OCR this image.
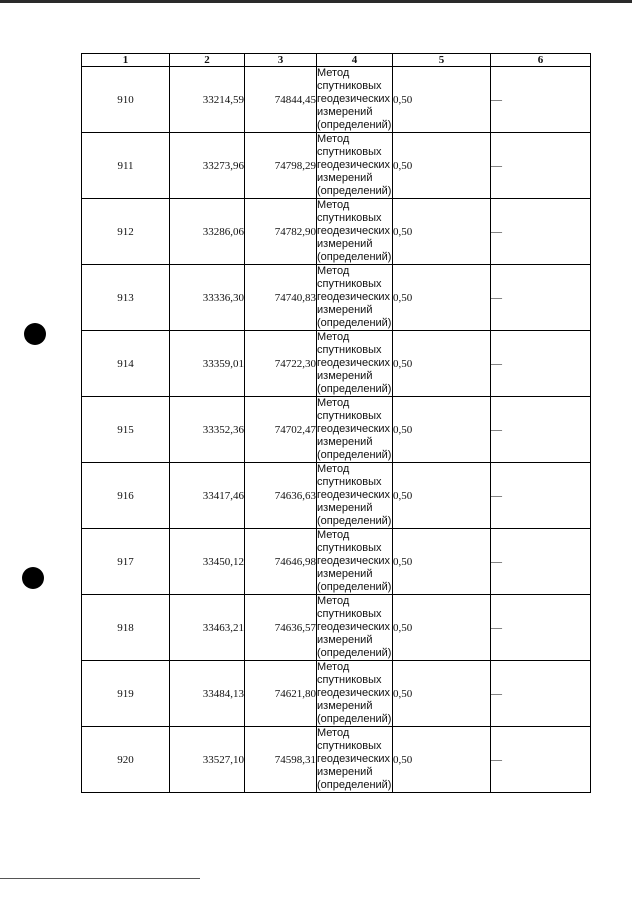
1	2	3	4	5	6
910	33214,59	74844,45	Метод
спутниковых
геодезических
измерений
(определений)	0,50	—
911	33273,96	74798,29	Метод
спутниковых
геодезических
измерений
(определений)	0,50	—
912	33286,06	74782,90	Метод
спутниковых
геодезических
измерений
(определений)	0,50	—
913	33336,30	74740,83	Метод
спутниковых
геодезических
измерений
(определений)	0,50	—
914	33359,01	74722,30	Метод
спутниковых
геодезических
измерений
(определений)	0,50	—
915	33352,36	74702,47	Метод
спутниковых
геодезических
измерений
(определений)	0,50	—
916	33417,46	74636,63	Метод
спутниковых
геодезических
измерений
(определений)	0,50	—
917	33450,12	74646,98	Метод
спутниковых
геодезических
измерений
(определений)	0,50	—
918	33463,21	74636,57	Метод
спутниковых
геодезических
измерений
(определений)	0,50	—
919	33484,13	74621,80	Метод
спутниковых
геодезических
измерений
(определений)	0,50	—
920	33527,10	74598,31	Метод
спутниковых
геодезических
измерений
(определений)	0,50	—
